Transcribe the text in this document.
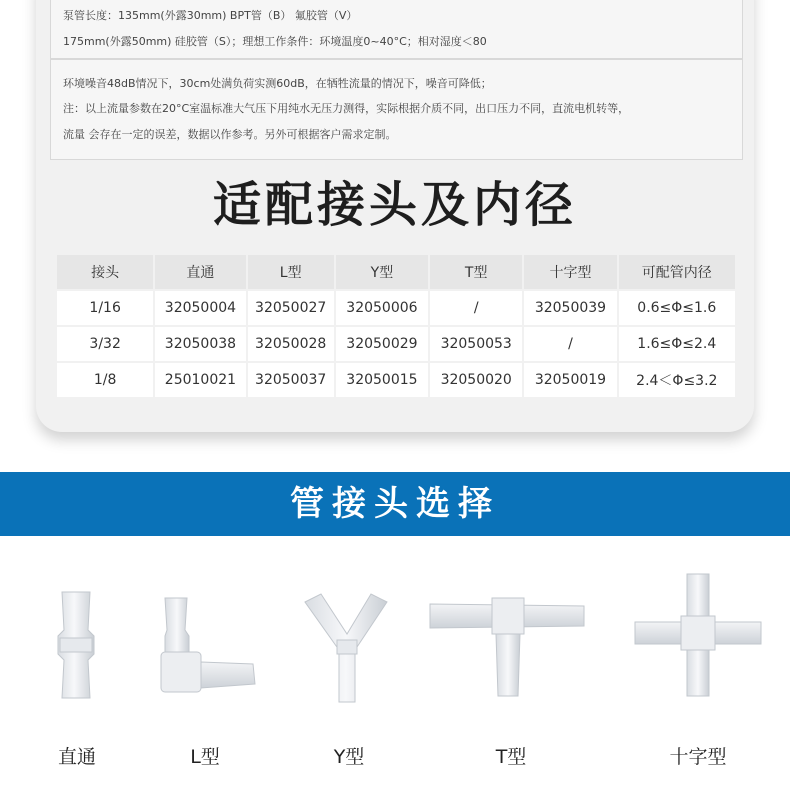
泵管长度：135mm(外露30mm) BPT管（B） 氟胶管（V）
175mm(外露50mm) 硅胶管（S）；理想工作条件：环境温度0~40°C；相对湿度＜80
环境噪音48dB情况下，30cm处满负荷实测60dB，在牺牲流量的情况下，噪音可降低；
注：以上流量参数在20°C室温标准大气压下用纯水无压力测得，实际根据介质不同，出口压力不同，直流电机转等，
流量 会存在一定的误差，数据以作参考。另外可根据客户需求定制。
适配接头及内径
接头	直通	L型	Y型	T型	十字型	可配管内径
1/16	32050004	32050027	32050006	/	32050039	0.6≤Φ≤1.6
3/32	32050038	32050028	32050029	32050053	/	1.6≤Φ≤2.4
1/8	25010021	32050037	32050015	32050020	32050019	2.4＜Φ≤3.2
管接头选择
直通	L型	Y型	T型	十字型
